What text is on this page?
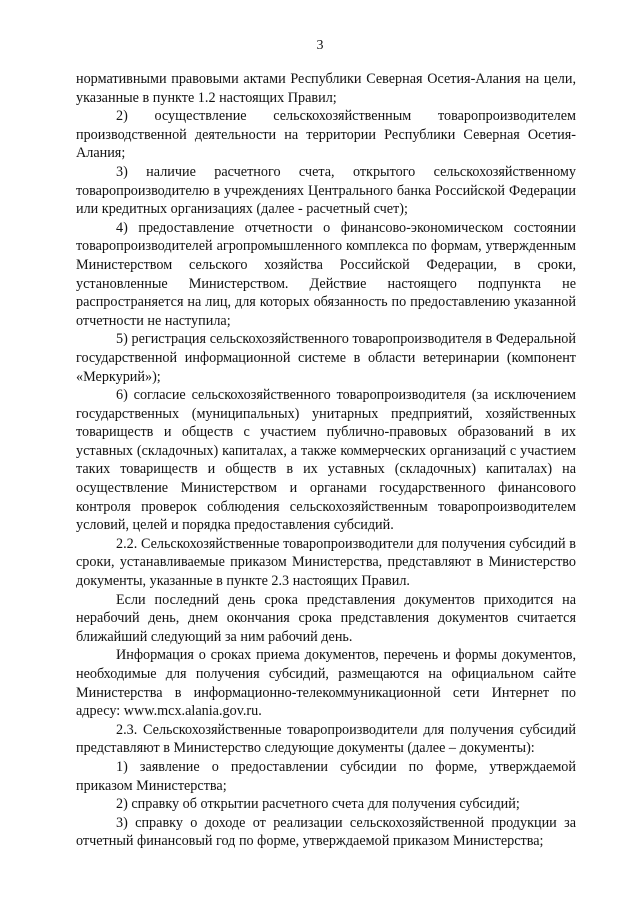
3

нормативными правовыми актами Республики Северная Осетия-Алания на цели, указанные в пункте 1.2 настоящих Правил;

2) осуществление сельскохозяйственным товаропроизводителем производственной деятельности на территории Республики Северная Осетия-Алания;

3) наличие расчетного счета, открытого сельскохозяйственному товаропроизводителю в учреждениях Центрального банка Российской Федерации или кредитных организациях (далее - расчетный счет);

4) предоставление отчетности о финансово-экономическом состоянии товаропроизводителей агропромышленного комплекса по формам, утвержденным Министерством сельского хозяйства Российской Федерации, в сроки, установленные Министерством. Действие настоящего подпункта не распространяется на лиц, для которых обязанность по предоставлению указанной отчетности не наступила;

5) регистрация сельскохозяйственного товаропроизводителя в Федеральной государственной информационной системе в области ветеринарии (компонент «Меркурий»);

6) согласие сельскохозяйственного товаропроизводителя (за исключением государственных (муниципальных) унитарных предприятий, хозяйственных товариществ и обществ с участием публично-правовых образований в их уставных (складочных) капиталах, а также коммерческих организаций с участием таких товариществ и обществ в их уставных (складочных) капиталах) на осуществление Министерством и органами государственного финансового контроля проверок соблюдения сельскохозяйственным товаропроизводителем условий, целей и порядка предоставления субсидий.

2.2. Сельскохозяйственные товаропроизводители для получения субсидий в сроки, устанавливаемые приказом Министерства, представляют в Министерство документы, указанные в пункте 2.3 настоящих Правил.

Если последний день срока представления документов приходится на нерабочий день, днем окончания срока представления документов считается ближайший следующий за ним рабочий день.

Информация о сроках приема документов, перечень и формы документов, необходимые для получения субсидий, размещаются на официальном сайте Министерства в информационно-телекоммуникационной сети Интернет по адресу: www.mcx.alania.gov.ru.

2.3. Сельскохозяйственные товаропроизводители для получения субсидий представляют в Министерство следующие документы (далее – документы):

1) заявление о предоставлении субсидии по форме, утверждаемой приказом Министерства;

2) справку об открытии расчетного счета для получения субсидий;

3) справку о доходе от реализации сельскохозяйственной продукции за отчетный финансовый год по форме, утверждаемой приказом Министерства;
